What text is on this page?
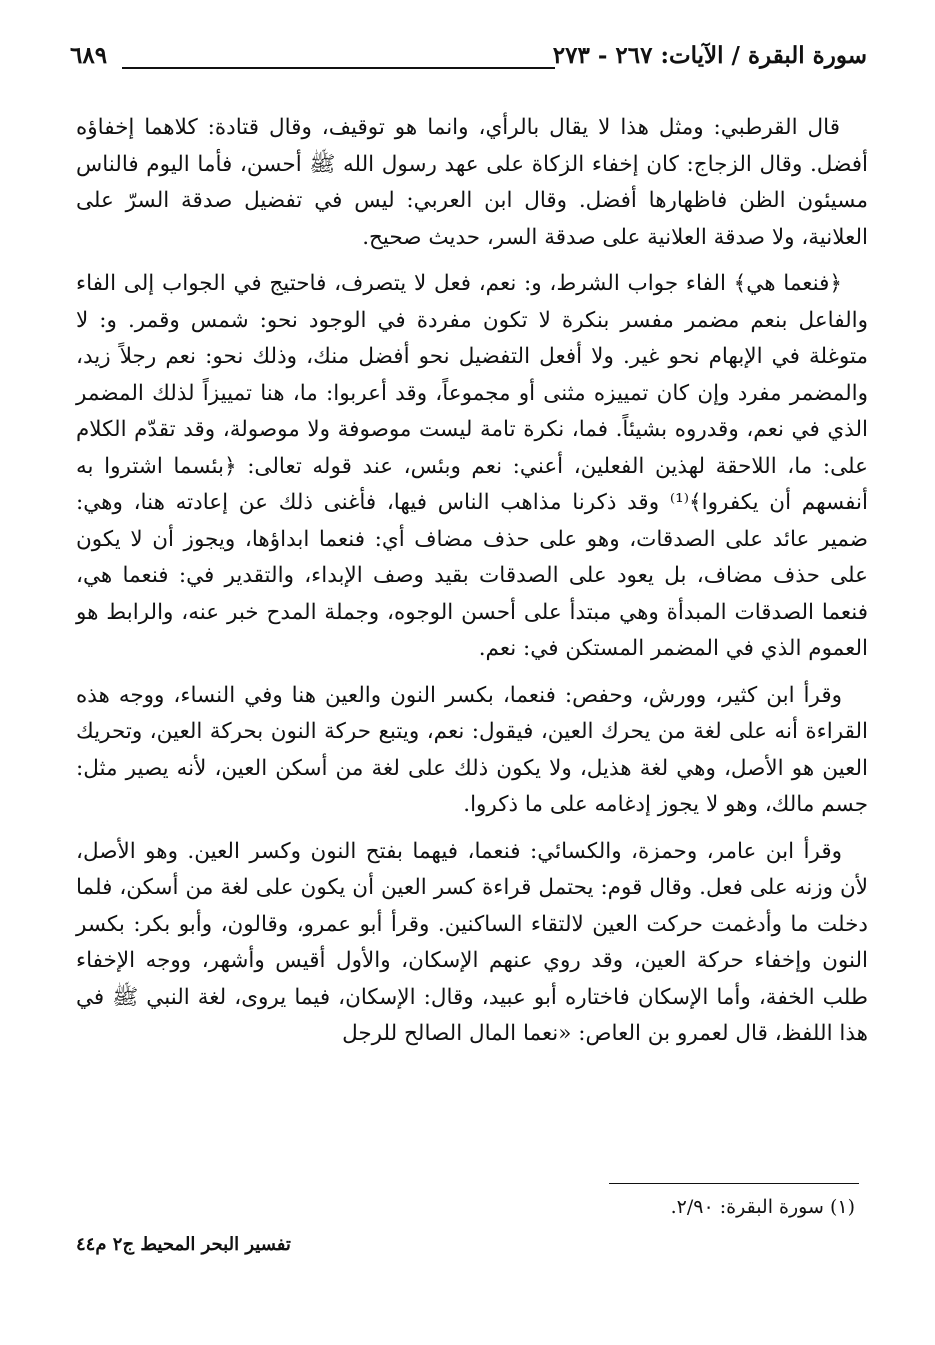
سورة البقرة / الآيات: ٢٦٧ - ٢٧٣
٦٨٩

قال القرطبي: ومثل هذا لا يقال بالرأي، وانما هو توقيف، وقال قتادة: كلاهما إخفاؤه أفضل. وقال الزجاج: كان إخفاء الزكاة على عهد رسول الله ﷺ أحسن، فأما اليوم فالناس مسيئون الظن فاظهارها أفضل. وقال ابن العربي: ليس في تفضيل صدقة السرّ على العلانية، ولا صدقة العلانية على صدقة السر، حديث صحيح.

﴿فنعما هي﴾ الفاء جواب الشرط، و: نعم، فعل لا يتصرف، فاحتيج في الجواب إلى الفاء والفاعل بنعم مضمر مفسر بنكرة لا تكون مفردة في الوجود نحو: شمس وقمر. و: لا متوغلة في الإبهام نحو غير. ولا أفعل التفضيل نحو أفضل منك، وذلك نحو: نعم رجلاً زيد، والمضمر مفرد وإن كان تمييزه مثنى أو مجموعاً، وقد أعربوا: ما، هنا تمييزاً لذلك المضمر الذي في نعم، وقدروه بشيئاً. فما، نكرة تامة ليست موصوفة ولا موصولة، وقد تقدّم الكلام على: ما، اللاحقة لهذين الفعلين، أعني: نعم وبئس، عند قوله تعالى: ﴿بئسما اشتروا به أنفسهم أن يكفروا﴾⁽¹⁾ وقد ذكرنا مذاهب الناس فيها، فأغنى ذلك عن إعادته هنا، وهي: ضمير عائد على الصدقات، وهو على حذف مضاف أي: فنعما ابداؤها، ويجوز أن لا يكون على حذف مضاف، بل يعود على الصدقات بقيد وصف الإبداء، والتقدير في: فنعما هي، فنعما الصدقات المبدأة وهي مبتدأ على أحسن الوجوه، وجملة المدح خبر عنه، والرابط هو العموم الذي في المضمر المستكن في: نعم.

وقرأ ابن كثير، وورش، وحفص: فنعما، بكسر النون والعين هنا وفي النساء، ووجه هذه القراءة أنه على لغة من يحرك العين، فيقول: نعم، ويتبع حركة النون بحركة العين، وتحريك العين هو الأصل، وهي لغة هذيل، ولا يكون ذلك على لغة من أسكن العين، لأنه يصير مثل: جسم مالك، وهو لا يجوز إدغامه على ما ذكروا.

وقرأ ابن عامر، وحمزة، والكسائي: فنعما، فيهما بفتح النون وكسر العين. وهو الأصل، لأن وزنه على فعل. وقال قوم: يحتمل قراءة كسر العين أن يكون على لغة من أسكن، فلما دخلت ما وأدغمت حركت العين لالتقاء الساكنين. وقرأ أبو عمرو، وقالون، وأبو بكر: بكسر النون وإخفاء حركة العين، وقد روي عنهم الإسكان، والأول أقيس وأشهر، ووجه الإخفاء طلب الخفة، وأما الإسكان فاختاره أبو عبيد، وقال: الإسكان، فيما يروى، لغة النبي ﷺ في هذا اللفظ، قال لعمرو بن العاص: «نعما المال الصالح للرجل

(١) سورة البقرة: ٢/٩٠.
تفسير البحر المحيط ج٢ م٤٤
